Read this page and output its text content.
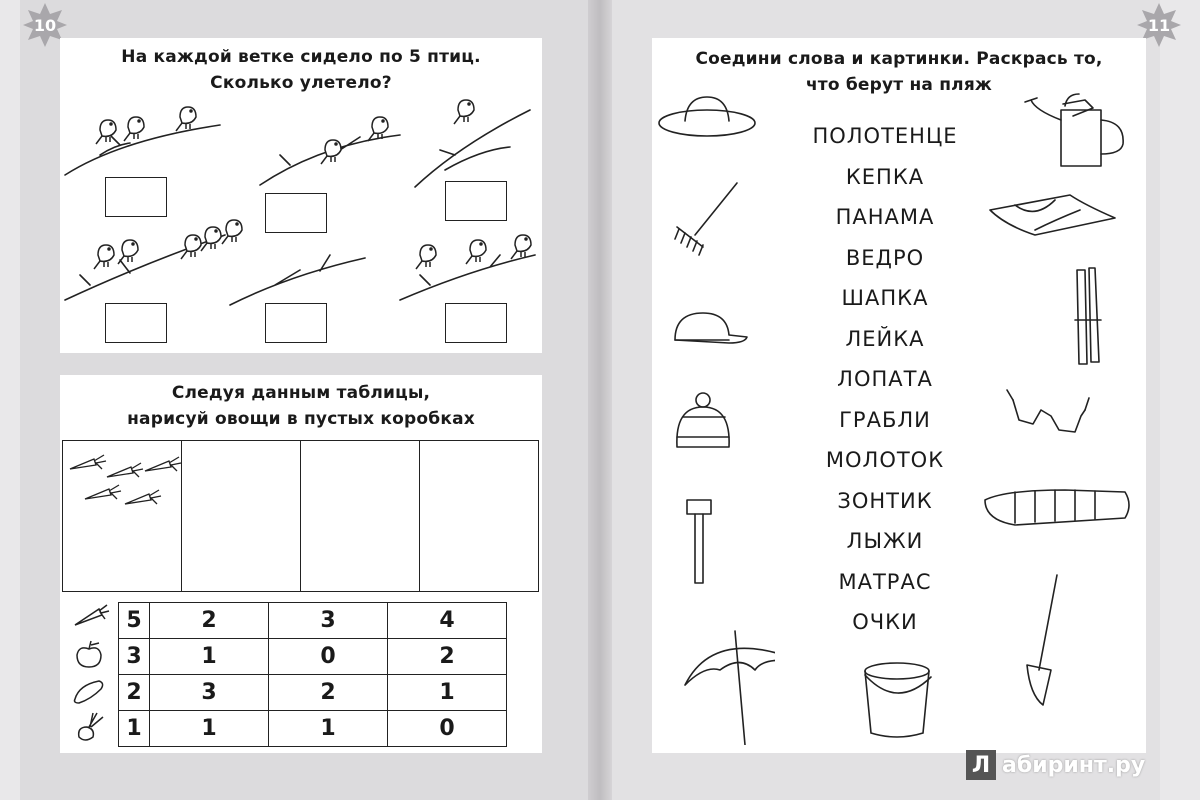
10	11
На каждой ветке сидело по 5 птиц.
Сколько улетело?
Следуя данным таблицы,
нарисуй овощи в пустых коробках
	5	2	3	4
	3	1	0	2
	2	3	2	1
	1	1	1	0
Соедини слова и картинки. Раскрась то,
что берут на пляж
ПОЛОТЕНЦЕ
КЕПКА
ПАНАМА
ВЕДРО
ШАПКА
ЛЕЙКА
ЛОПАТА
ГРАБЛИ
МОЛОТОК
ЗОНТИК
ЛЫЖИ
МАТРАС
ОЧКИ
Л абиринт.ру
